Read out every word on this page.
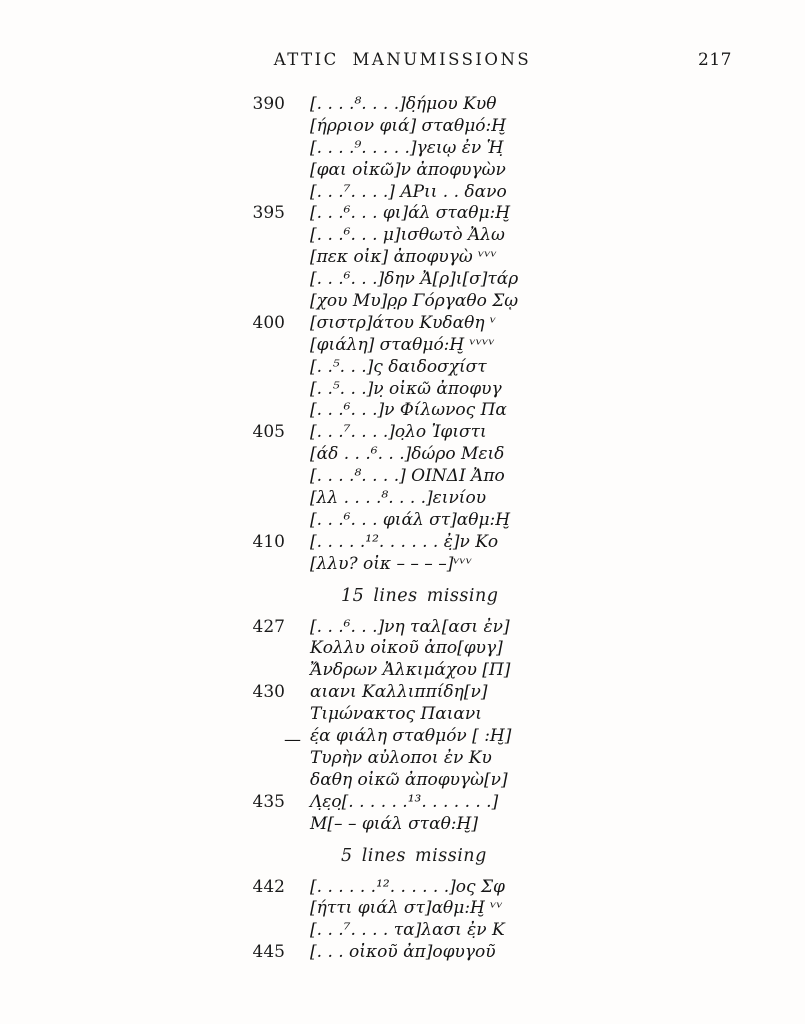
ATTIC MANUMISSIONS	217
390 [. . . .⁸. . . .]δ̣ήμου Κυθ
[ήρριον φιά] σταθμό:Η̮
[. . . .⁹. . . . .]γειῳ ἐν Ἡ̣
[φαι οἰκῶ]ν ἀποφυγὼν
[. . .⁷. . . .] ΑΡιι . . δανο
395 [. . .⁶. . . φι]άλ σταθμ:Η̮
[. . .⁶. . . μ]ισθωτὸ Ἀλω
[πεκ οἰκ] ἀποφυγὼ ᵛᵛᵛ
[. . .⁶. . .]δην Ἀ[ρ]ι[σ]τάρ
[χου Μυ]ρ̣ρ Γόργαθο Σῳ
400 [σιστρ]άτου Κυδαθη ᵛ
[φιάλη] σταθμό:Η̮ ᵛᵛᵛᵛ
[. .⁵. . .]ς δαιδοσχίστ
[. .⁵. . .]ν̣ οἰκῶ ἀποφυγ
[. . .⁶. . .]ν Φίλωνος Πα
405 [. . .⁷. . . .]ο̣λο Ἰφιστι
[άδ . . .⁶. . .]δώρο Μειδ
[. . . .⁸. . . .] ΟΙΝΔΙ Ἀπο
[λλ . . . .⁸. . . .]εινίου
[. . .⁶. . . φιάλ στ]αθμ:Η̮
410 [. . . . .¹². . . . . . ἐ̣]ν Κο
[λλυ? οἰκ – – – –]ᵛᵛᵛ
15 lines missing
427 [. . .⁶. . .]νη ταλ[ασι ἐν]
Κολλυ οἰκοῦ ἀπο[φυγ]
Ἄνδρων Ἀλκιμάχου [Π]
430 αιανι Καλλιππίδη[ν]
Τιμώνακτος Παιανι
— έ̣α φιάλη σταθμόν [ :Η̮]
Τυρὴν αὐλοποι ἐν Κυ
δαθη οἰκῶ ἀποφυγὼ[ν]
435 Λ̣ε̣ο̣[. . . . . .¹³. . . . . . .]
Μ[– – φιάλ σταθ:Η̮]
5 lines missing
442 [. . . . . .¹². . . . . .]ος Σφ
[ήττι φιάλ στ]αθμ:Η̮ ᵛᵛ
[. . .⁷. . . . τα]λασι ἐ̣ν Κ
445 [. . . οἰκοῦ ἀπ]οφυγοῦ
